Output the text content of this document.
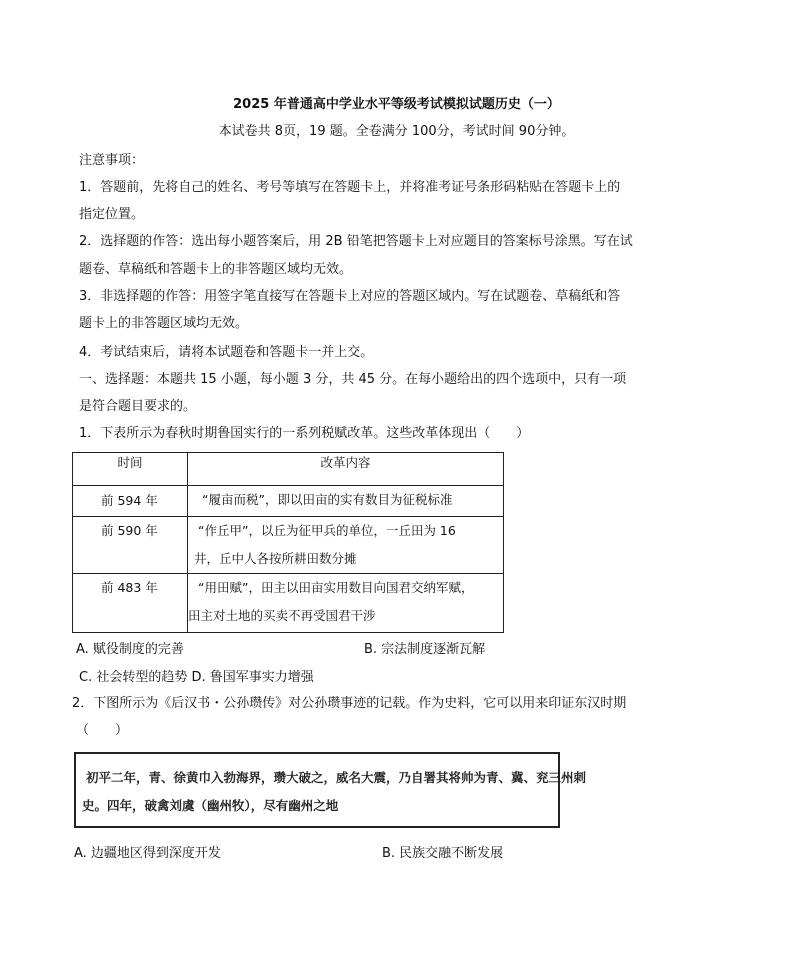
2025 年普通高中学业水平等级考试模拟试题历史（一）
本试卷共 8页，19 题。全卷满分 100分，考试时间 90分钟。
注意事项：
1．答题前，先将自己的姓名、考号等填写在答题卡上，并将准考证号条形码粘贴在答题卡上的
指定位置。
2．选择题的作答：选出每小题答案后，用 2B 铅笔把答题卡上对应题目的答案标号涂黑。写在试
题卷、草稿纸和答题卡上的非答题区域均无效。
3．非选择题的作答：用签字笔直接写在答题卡上对应的答题区域内。写在试题卷、草稿纸和答
题卡上的非答题区域均无效。
4．考试结束后，请将本试题卷和答题卡一并上交。
一、选择题：本题共 15 小题，每小题 3 分，共 45 分。在每小题给出的四个选项中，只有一项
是符合题目要求的。
1．下表所示为春秋时期鲁国实行的一系列税赋改革。这些改革体现出（　　）
时间	改革内容

前 594 年	“履亩而税”，即以田亩的实有数目为征税标准

前 590 年	“作丘甲”，以丘为征甲兵的单位，一丘田为 16
井，丘中人各按所耕田数分摊

前 483 年	“用田赋”，田主以田亩实用数目向国君交纳军赋，
田主对土地的买卖不再受国君干涉
A. 赋役制度的完善	B. 宗法制度逐渐瓦解
C. 社会转型的趋势 D. 鲁国军事实力增强
2．下图所示为《后汉书・公孙瓒传》对公孙瓒事迹的记载。作为史料，它可以用来印证东汉时期
（　　）
初平二年，青、徐黄巾入勃海界，瓒大破之，威名大震，乃自署其将帅为青、冀、兖三州刺
史。四年，破禽刘虞（幽州牧），尽有幽州之地
A. 边疆地区得到深度开发	B. 民族交融不断发展
